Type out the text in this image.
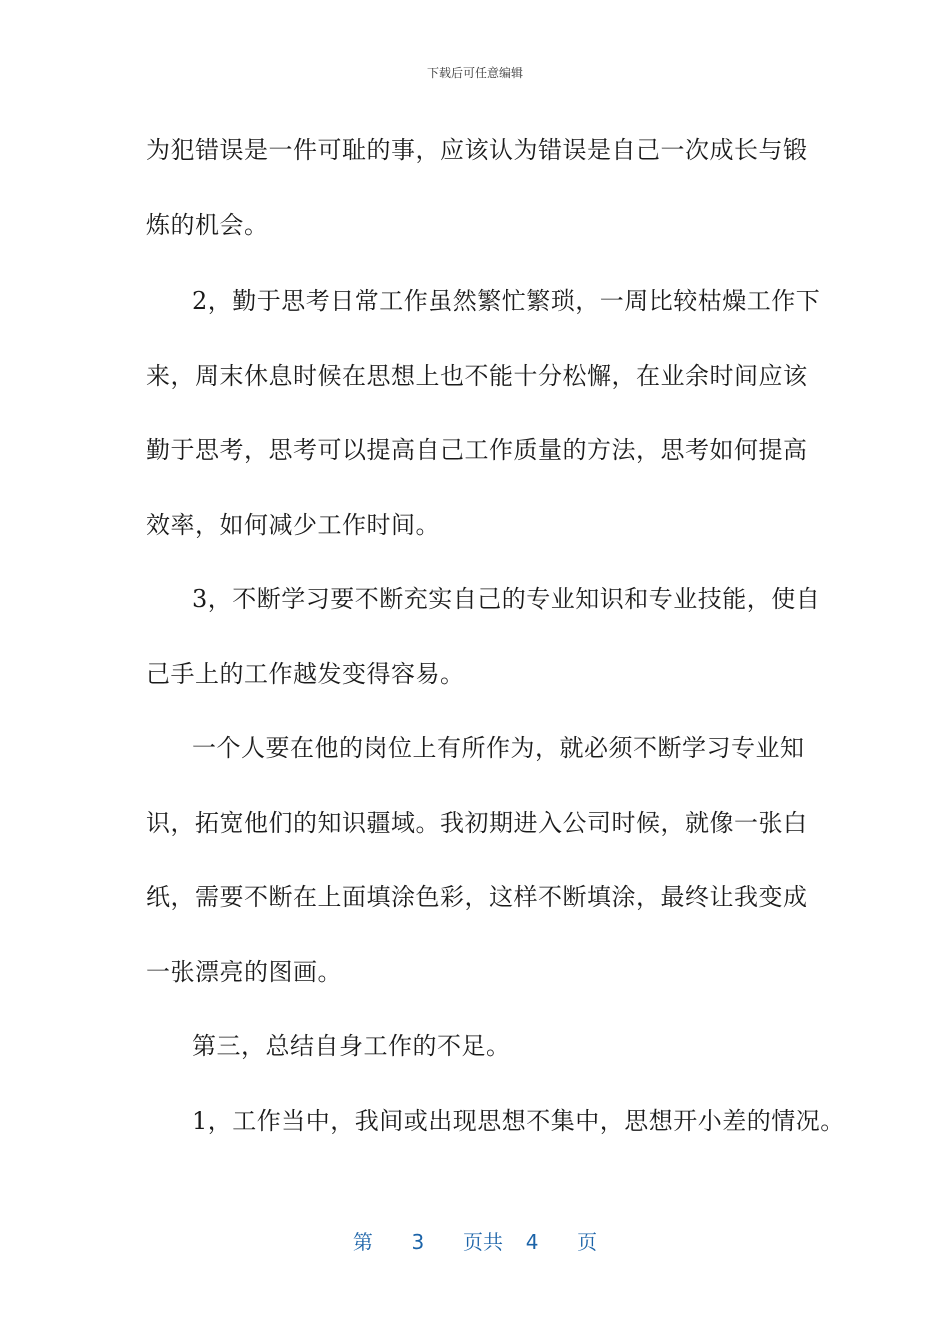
下载后可任意编辑
为犯错误是一件可耻的事，应该认为错误是自己一次成长与锻
炼的机会。
2，勤于思考日常工作虽然繁忙繁琐，一周比较枯燥工作下
来，周末休息时候在思想上也不能十分松懈，在业余时间应该
勤于思考，思考可以提高自己工作质量的方法，思考如何提高
效率，如何减少工作时间。
3，不断学习要不断充实自己的专业知识和专业技能，使自
己手上的工作越发变得容易。
一个人要在他的岗位上有所作为，就必须不断学习专业知
识，拓宽他们的知识疆域。我初期进入公司时候，就像一张白
纸，需要不断在上面填涂色彩，这样不断填涂，最终让我变成
一张漂亮的图画。
第三，总结自身工作的不足。
1，工作当中，我间或出现思想不集中，思想开小差的情况。
第 3 页共 4 页
